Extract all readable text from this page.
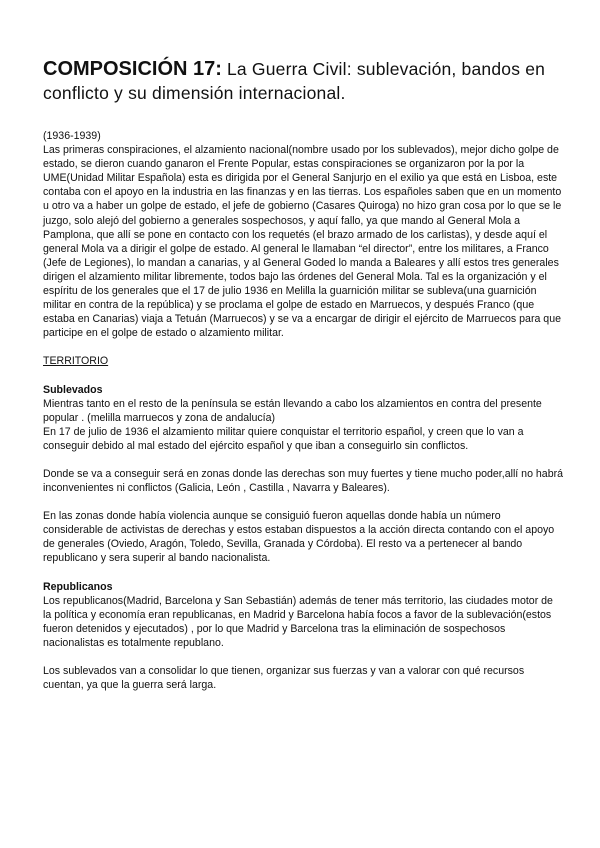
COMPOSICIÓN 17: La Guerra Civil: sublevación, bandos en conflicto y su dimensión internacional.

(1936-1939)

Las primeras conspiraciones, el alzamiento nacional(nombre usado por los sublevados), mejor dicho golpe de estado, se dieron cuando ganaron el Frente Popular, estas conspiraciones se organizaron por la por la UME(Unidad Militar Española) esta es dirigida por el General Sanjurjo en el exilio ya que está en Lisboa, este contaba con el apoyo en la industria en las finanzas y en las tierras. Los españoles saben que en un momento u otro va a haber un golpe de estado, el jefe de gobierno (Casares Quiroga) no hizo gran cosa por lo que se le juzgo, solo alejó del gobierno a generales sospechosos, y aquí fallo, ya que mando al General Mola a Pamplona, que allí se pone en contacto con los requetés (el brazo armado de los carlistas), y desde aquí el general Mola va a dirigir el golpe de estado. Al general le llamaban “el director”, entre los militares, a Franco (Jefe de Legiones), lo mandan a canarias, y al General Goded lo manda a Baleares y allí estos tres generales dirigen el alzamiento militar libremente, todos bajo las órdenes del General Mola. Tal es la organización y el espíritu de los generales que el 17 de julio 1936 en Melilla la guarnición militar se subleva(una guarnición militar en contra de la república) y se proclama el golpe de estado en Marruecos, y después Franco (que estaba en Canarias) viaja a Tetuán (Marruecos) y se va a encargar de dirigir el ejército de Marruecos para que participe en el golpe de estado o alzamiento militar.

TERRITORIO

Sublevados

Mientras tanto en el resto de la península se están llevando a cabo los alzamientos en contra del presente popular . (melilla marruecos y zona de andalucía)

En 17 de julio de 1936 el alzamiento militar quiere conquistar el territorio español, y creen que lo van a conseguir debido al mal estado del ejército español y que iban a conseguirlo sin conflictos.

Donde se va a conseguir será en zonas donde las derechas son muy fuertes y tiene mucho poder,allí no habrá inconvenientes ni conflictos (Galicia, León , Castilla , Navarra y Baleares).

En las zonas donde había violencia aunque se consiguió fueron aquellas donde había un número considerable de activistas de derechas y estos estaban dispuestos a la acción directa contando con el apoyo de generales (Oviedo, Aragón, Toledo, Sevilla, Granada y Córdoba). El resto va a pertenecer al bando republicano y sera superir al bando nacionalista.

Republicanos

Los republicanos(Madrid, Barcelona y San Sebastián) además de tener más territorio, las ciudades motor de la política y economía eran republicanas, en Madrid y Barcelona había focos a favor de la sublevación(estos fueron detenidos y ejecutados) , por lo que Madrid y Barcelona tras la eliminación de sospechosos nacionalistas es totalmente republano.

Los sublevados van a consolidar lo que tienen, organizar sus fuerzas y van a valorar con qué recursos cuentan, ya que la guerra será larga.
